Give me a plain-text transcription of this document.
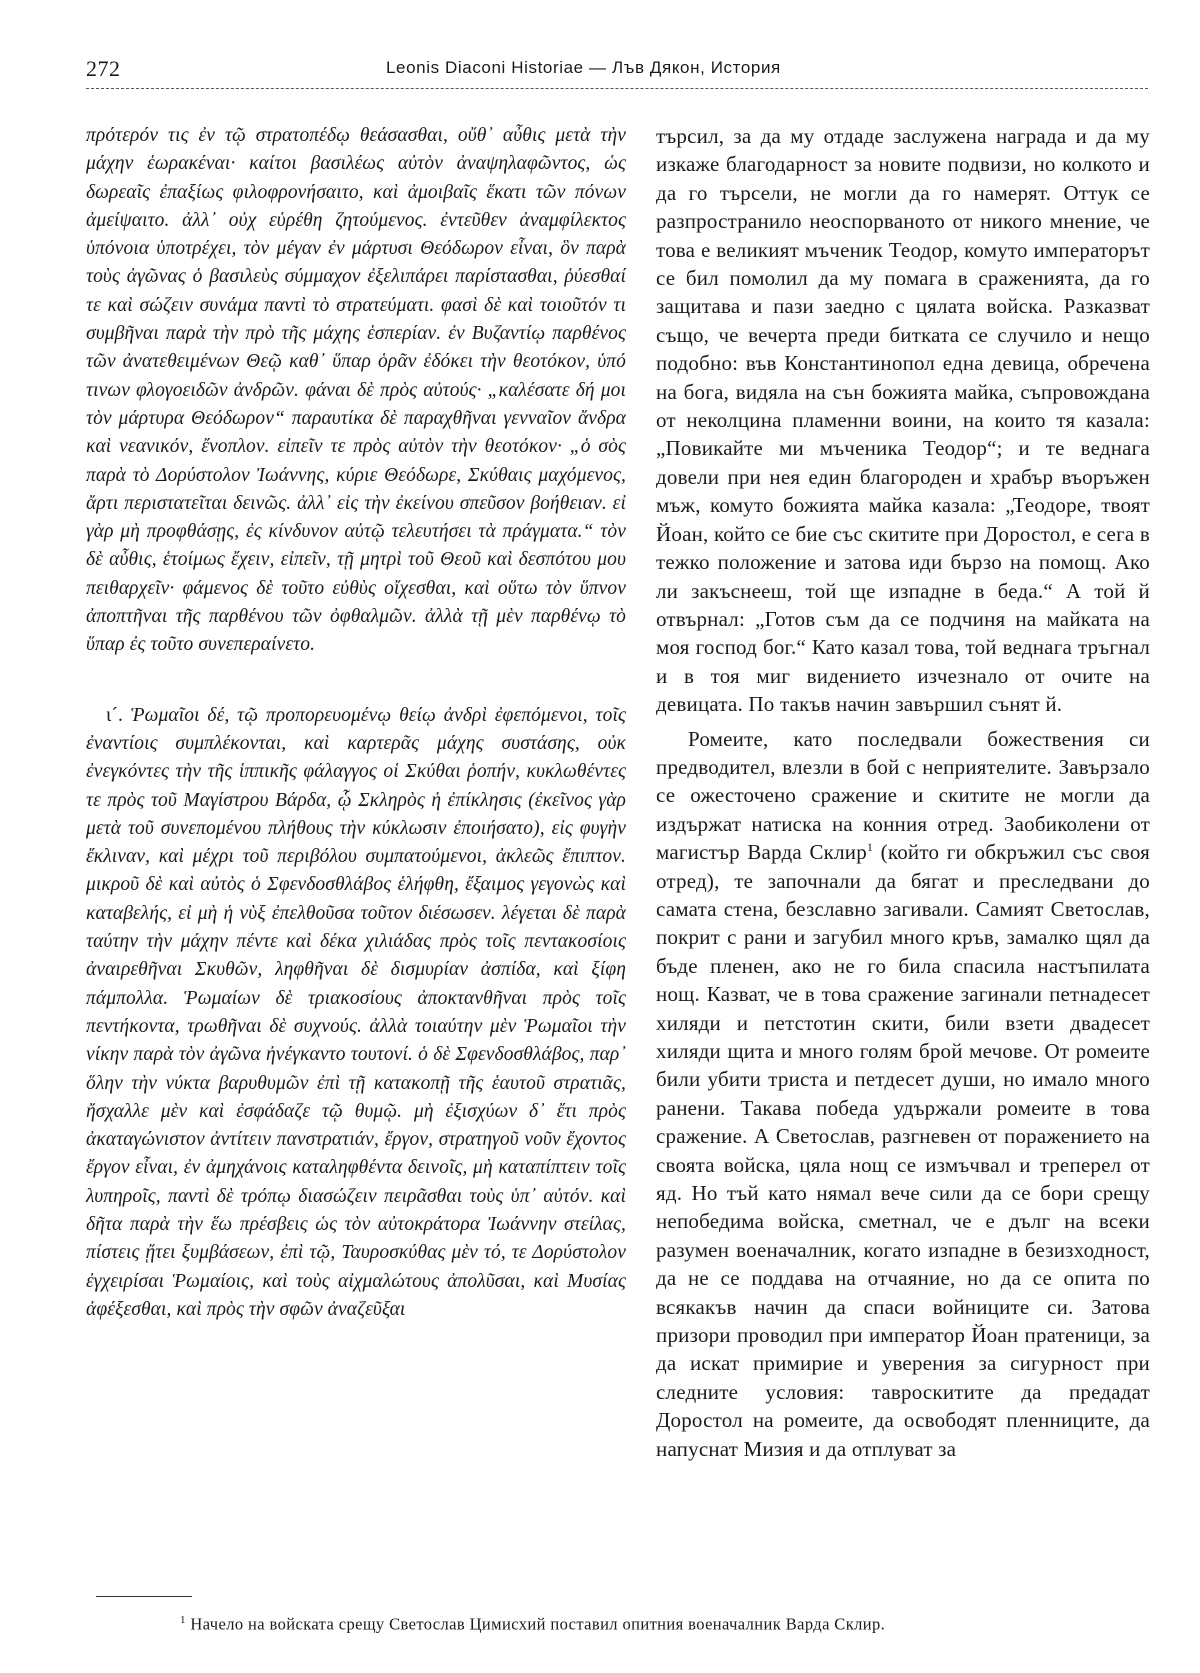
272	Leonis Diaconi Historiae — Лъв Дякон, История

πρότερόν τις ἐν τῷ στρατοπέδῳ θεάσασθαι, οὔθ᾽ αὖθις μετὰ τὴν μάχην ἑωρακέναι· καίτοι βασιλέως αὐτὸν ἀναψηλαφῶντος, ὡς δωρεαῖς ἐπαξίως φιλοφρονήσαιτο, καὶ ἀμοιβαῖς ἕκατι τῶν πόνων ἀμείψαιτο. ἀλλ᾽ οὐχ εὑρέθη ζητούμενος. ἐντεῦθεν ἀναμφίλεκτος ὑπόνοια ὑποτρέχει, τὸν μέγαν ἐν μάρτυσι Θεόδωρον εἶναι, ὃν παρὰ τοὺς ἀγῶνας ὁ βασιλεὺς σύμμαχον ἐξελιπάρει παρίστασθαι, ῥύεσθαί τε καὶ σώζειν συνάμα παντὶ τὸ στρατεύματι. φασὶ δὲ καὶ τοιοῦτόν τι συμβῆναι παρὰ τὴν πρὸ τῆς μάχης ἑσπερίαν. ἐν Βυζαντίῳ παρθένος τῶν ἀνατεθειμένων Θεῷ καθ᾽ ὕπαρ ὁρᾶν ἐδόκει τὴν θεοτόκον, ὑπό τινων φλογοειδῶν ἀνδρῶν. φάναι δὲ πρὸς αὐτούς· „καλέσατε δή μοι τὸν μάρτυρα Θεόδωρον“ παραυτίκα δὲ παραχθῆναι γενναῖον ἄνδρα καὶ νεανικόν, ἔνοπλον. εἰπεῖν τε πρὸς αὐτὸν τὴν θεοτόκον· „ὁ σὸς παρὰ τὸ Δορύστολον Ἰωάννης, κύριε Θεόδωρε, Σκύθαις μαχόμενος, ἄρτι περιστατεῖται δεινῶς. ἀλλ᾽ εἰς τὴν ἐκείνου σπεῦσον βοήθειαν. εἰ γὰρ μὴ προφθάσῃς, ἐς κίνδυνον αὐτῷ τελευτήσει τὰ πράγματα.“ τὸν δὲ αὖθις, ἑτοίμως ἔχειν, εἰπεῖν, τῇ μητρὶ τοῦ Θεοῦ καὶ δεσπότου μου πειθαρχεῖν· φάμενος δὲ τοῦτο εὐθὺς οἴχεσθαι, καὶ οὕτω τὸν ὕπνον ἀποπτῆναι τῆς παρθένου τῶν ὀφθαλμῶν. ἀλλὰ τῇ μὲν παρθένῳ τὸ ὕπαρ ἐς τοῦτο συνεπεραίνετο.

ι´. Ῥωμαῖοι δέ, τῷ προπορευομένῳ θείῳ ἀνδρὶ ἐφεπόμενοι, τοῖς ἐναντίοις συμπλέκονται, καὶ καρτερᾶς μάχης συστάσης, οὐκ ἐνεγκόντες τὴν τῆς ἱππικῆς φάλαγγος οἱ Σκύθαι ῥοπήν, κυκλωθέντες τε πρὸς τοῦ Μαγίστρου Βάρδα, ᾧ Σκληρὸς ἡ ἐπίκλησις (ἐκεῖνος γὰρ μετὰ τοῦ συνεπομένου πλήθους τὴν κύκλωσιν ἐποιήσατο), εἰς φυγὴν ἔκλιναν, καὶ μέχρι τοῦ περιβόλου συμπατούμενοι, ἀκλεῶς ἔπιπτον. μικροῦ δὲ καὶ αὐτὸς ὁ Σφενδοσθλάβος ἑλήφθη, ἔξαιμος γεγονὼς καὶ καταβελής, εἰ μὴ ἡ νὺξ ἐπελθοῦσα τοῦτον διέσωσεν. λέγεται δὲ παρὰ ταύτην τὴν μάχην πέντε καὶ δέκα χιλιάδας πρὸς τοῖς πεντακοσίοις ἀναιρεθῆναι Σκυθῶν, ληφθῆναι δὲ δισμυρίαν ἀσπίδα, καὶ ξίφη πάμπολλα. Ῥωμαίων δὲ τριακοσίους ἀποκτανθῆναι πρὸς τοῖς πεντήκοντα, τρωθῆναι δὲ συχνούς. ἀλλὰ τοιαύτην μὲν Ῥωμαῖοι τὴν νίκην παρὰ τὸν ἀγῶνα ἠνέγκαντο τουτονί. ὁ δὲ Σφενδοσθλάβος, παρ᾽ ὅλην τὴν νύκτα βαρυθυμῶν ἐπὶ τῇ κατακοπῇ τῆς ἑαυτοῦ στρατιᾶς, ἤσχαλλε μὲν καὶ ἐσφάδαζε τῷ θυμῷ. μὴ ἐξισχύων δ᾽ ἔτι πρὸς ἀκαταγώνιστον ἀντίτειν πανστρατιάν, ἔργον, στρατηγοῦ νοῦν ἔχοντος ἔργον εἶναι, ἐν ἀμηχάνοις καταληφθέντα δεινοῖς, μὴ καταπίπτειν τοῖς λυπηροῖς, παντὶ δὲ τρόπῳ διασώζειν πειρᾶσθαι τοὺς ὑπ᾽ αὐτόν. καὶ δῆτα παρὰ τὴν ἕω πρέσβεις ὡς τὸν αὐτοκράτορα Ἰωάννην στείλας, πίστεις ᾔτει ξυμβάσεων, ἐπὶ τῷ, Ταυροσκύθας μὲν τό, τε Δορύστολον ἐγχειρίσαι Ῥωμαίοις, καὶ τοὺς αἰχμαλώτους ἀπολῦσαι, καὶ Μυσίας ἀφέξεσθαι, καὶ πρὸς τὴν σφῶν ἀναζεῦξαι

търсил, за да му отдаде заслужена награда и да му изкаже благодарност за новите подвизи, но колкото и да го търсели, не могли да го намерят. Оттук се разпространило неоспорваното от никого мнение, че това е великият мъченик Теодор, комуто императорът се бил помолил да му помага в сраженията, да го защитава и пази заедно с цялата войска. Разказват също, че вечерта преди битката се случило и нещо подобно: във Константинопол една девица, обречена на бога, видяла на сън божията майка, съпровождана от неколцина пламенни воини, на които тя казала: „Повикайте ми мъченика Теодор“; и те веднага довели при нея един благороден и храбър въоръжен мъж, комуто божията майка казала: „Теодоре, твоят Йоан, който се бие със скитите при Доростол, е сега в тежко положение и затова иди бързо на помощ. Ако ли закъснееш, той ще изпадне в беда.“ А той й отвърнал: „Готов съм да се подчиня на майката на моя господ бог.“ Като казал това, той веднага тръгнал и в тоя миг видението изчезнало от очите на девицата. По такъв начин завършил сънят й.

Ромеите, като последвали божествения си предводител, влезли в бой с неприятелите. Завързало се ожесточено сражение и скитите не могли да издържат натиска на конния отред. Заобиколени от магистър Варда Склир$^1$ (който ги обкръжил със своя отред), те започнали да бягат и преследвани до самата стена, безславно загивали. Самият Светослав, покрит с рани и загубил много кръв, замалко щял да бъде пленен, ако не го била спасила настъпилата нощ. Казват, че в това сражение загинали петнадесет хиляди и петстотин скити, били взети двадесет хиляди щита и много голям брой мечове. От ромеите били убити триста и петдесет души, но имало много ранени. Такава победа удържали ромеите в това сражение. А Светослав, разгневен от поражението на своята войска, цяла нощ се измъчвал и треперел от яд. Но тъй като нямал вече сили да се бори срещу непобедима войска, сметнал, че е дълг на всеки разумен военачалник, когато изпадне в безизходност, да не се поддава на отчаяние, но да се опита по всякакъв начин да спаси войниците си. Затова призори проводил при император Йоан пратеници, за да искат примирие и уверения за сигурност при следните условия: тавроскитите да предадат Доростол на ромеите, да освободят пленниците, да напуснат Мизия и да отплуват за

$^1$ Начело на войската срещу Светослав Цимисхий поставил опитния военачалник Варда Склир.
